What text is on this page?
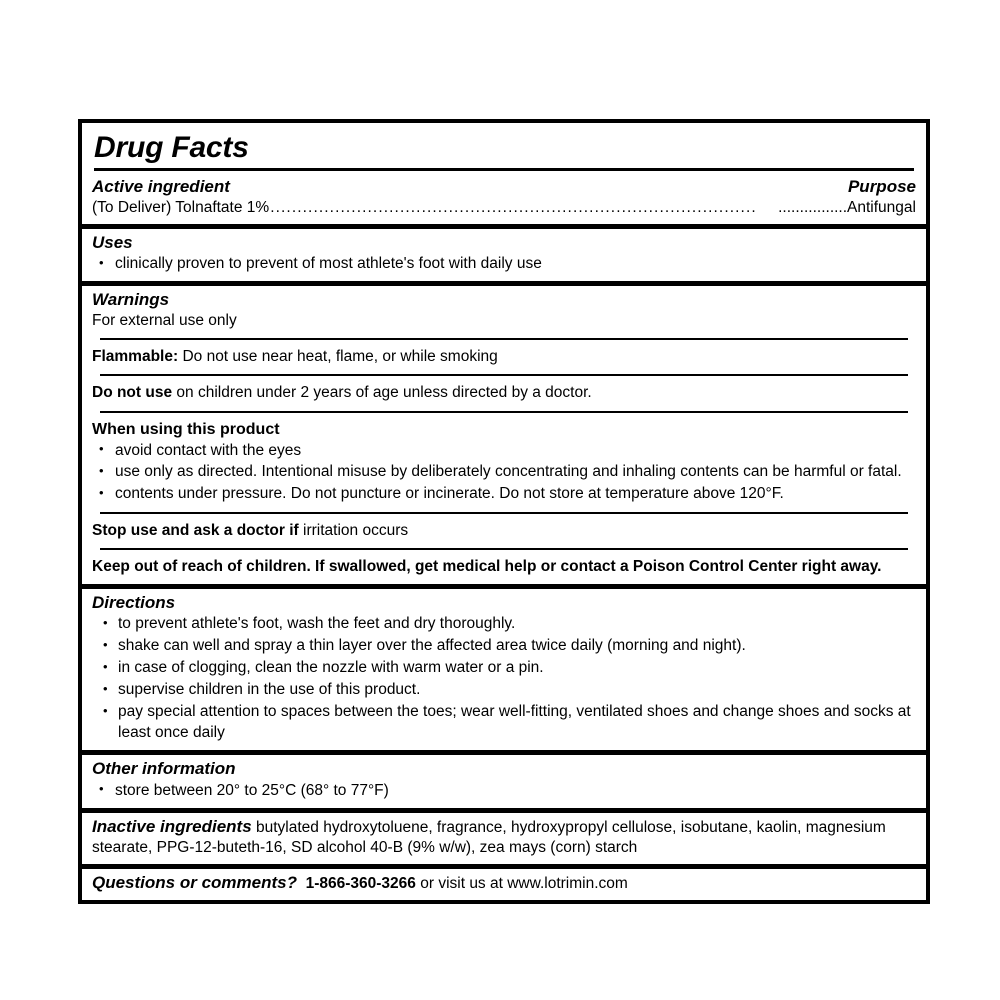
Drug Facts
Active ingredient	Purpose
(To Deliver) Tolnaftate 1% ..........................................................................................	....... ......... Antifungal
Uses
• clinically proven to prevent of most athlete's foot with daily use
Warnings
For external use only
Flammable: Do not use near heat, flame, or while smoking
Do not use on children under 2 years of age unless directed by a doctor.
When using this product
• avoid contact with the eyes
• use only as directed. Intentional misuse by deliberately concentrating and inhaling contents can be harmful or fatal.
• contents under pressure. Do not puncture or incinerate. Do not store at temperature above 120°F.
Stop use and ask a doctor if irritation occurs
Keep out of reach of children. If swallowed, get medical help or contact a Poison Control Center right away.
Directions
• to prevent athlete's foot, wash the feet and dry thoroughly.
• shake can well and spray a thin layer over the affected area twice daily (morning and night).
• in case of clogging, clean the nozzle with warm water or a pin.
• supervise children in the use of this product.
• pay special attention to spaces between the toes; wear well-fitting, ventilated shoes and change shoes and socks at least once daily
Other information
• store between 20° to 25°C (68° to 77°F)
Inactive ingredients butylated hydroxytoluene, fragrance, hydroxypropyl cellulose, isobutane, kaolin, magnesium stearate, PPG-12-buteth-16, SD alcohol 40-B (9% w/w), zea mays (corn) starch
Questions or comments? 1-866-360-3266 or visit us at www.lotrimin.com
